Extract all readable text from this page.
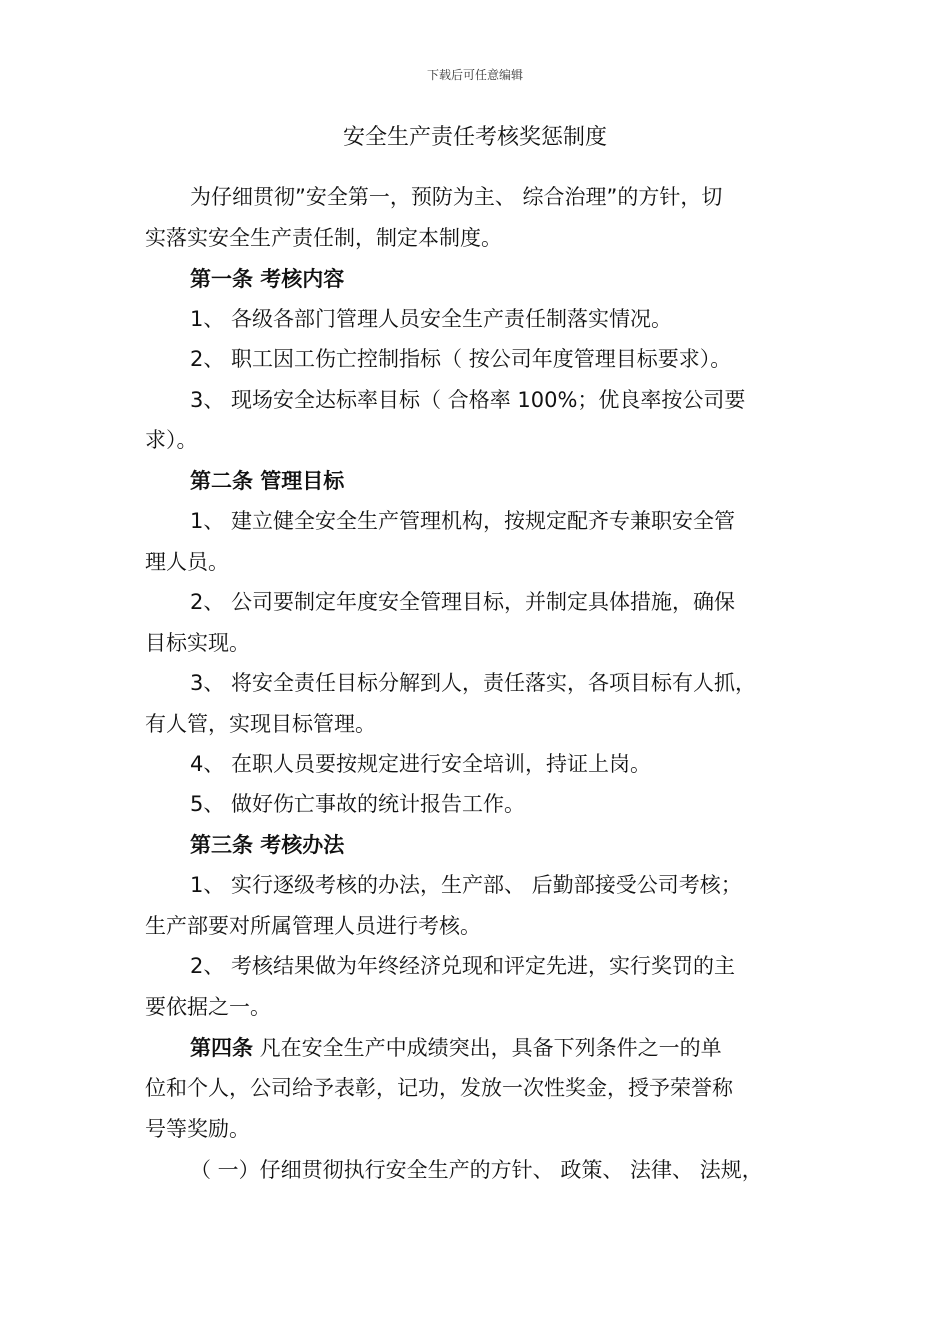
下载后可任意编辑
安全生产责任考核奖惩制度
为仔细贯彻”安全第一，预防为主、 综合治理”的方针，切
实落实安全生产责任制，制定本制度。
第一条 考核内容
1、 各级各部门管理人员安全生产责任制落实情况。
2、 职工因工伤亡控制指标（ 按公司年度管理目标要求）。
3、 现场安全达标率目标（ 合格率 100%；优良率按公司要
求）。
第二条 管理目标
1、 建立健全安全生产管理机构，按规定配齐专兼职安全管
理人员。
2、 公司要制定年度安全管理目标，并制定具体措施，确保
目标实现。
3、 将安全责任目标分解到人，责任落实，各项目标有人抓，
有人管，实现目标管理。
4、 在职人员要按规定进行安全培训，持证上岗。
5、 做好伤亡事故的统计报告工作。
第三条 考核办法
1、 实行逐级考核的办法，生产部、 后勤部接受公司考核；
生产部要对所属管理人员进行考核。
2、 考核结果做为年终经济兑现和评定先进，实行奖罚的主
要依据之一。
第四条 凡在安全生产中成绩突出，具备下列条件之一的单
位和个人，公司给予表彰，记功，发放一次性奖金，授予荣誉称
号等奖励。
（ 一）仔细贯彻执行安全生产的方针、 政策、 法律、 法规，
